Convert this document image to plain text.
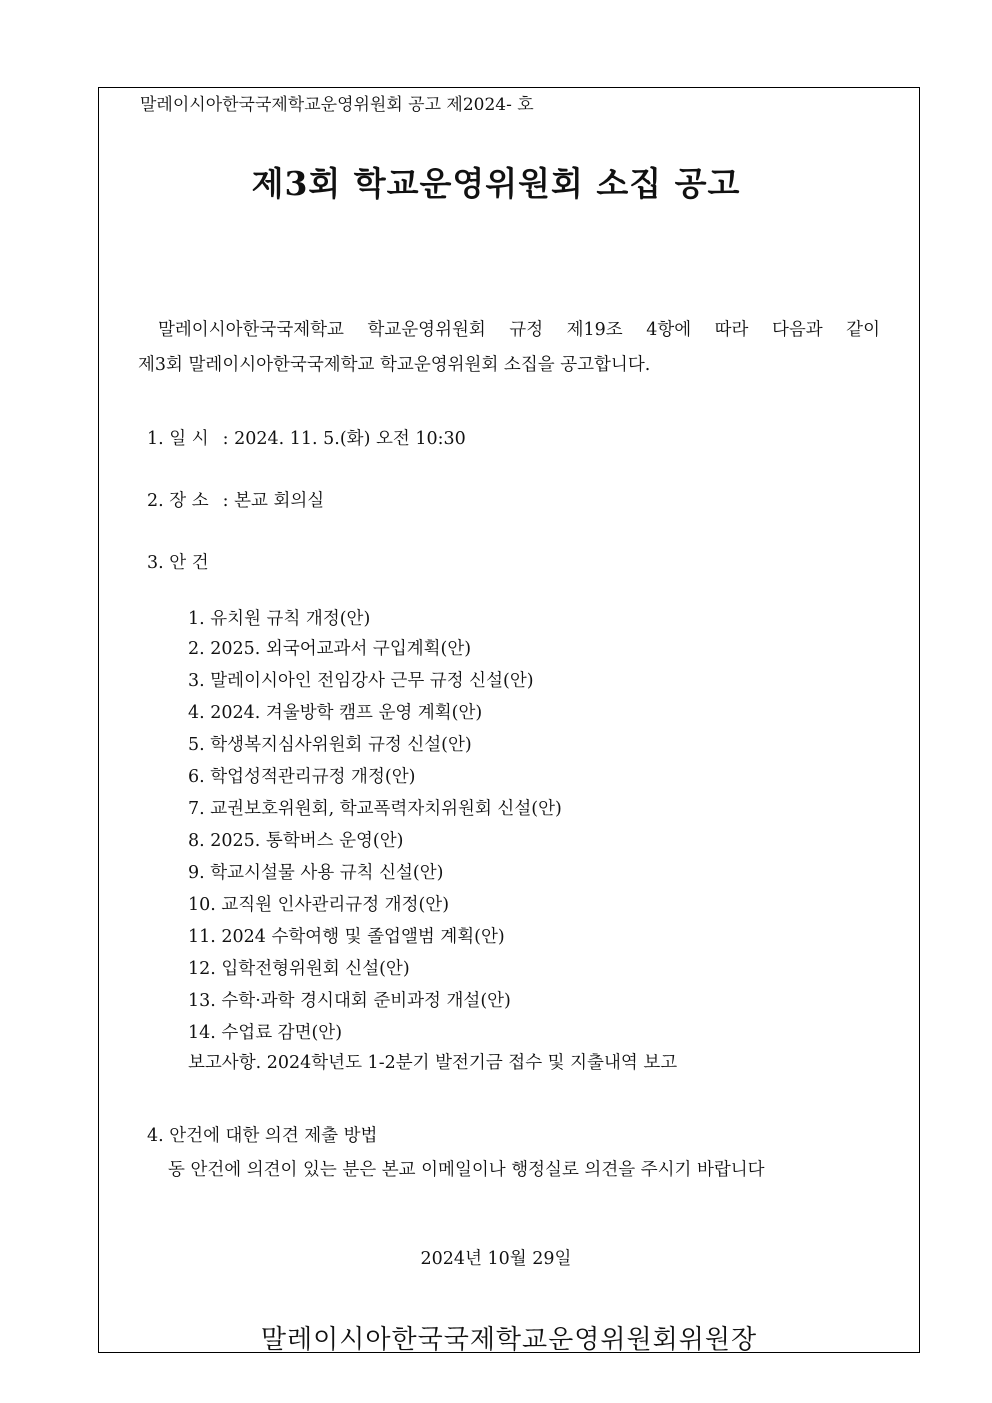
말레이시아한국국제학교운영위원회 공고 제2024- 호
제3회 학교운영위원회 소집 공고
말레이시아한국국제학교 학교운영위원회 규정 제19조 4항에 따라 다음과 같이
제3회 말레이시아한국국제학교 학교운영위원회 소집을 공고합니다.
1. 일 시 : 2024. 11. 5.(화) 오전 10:30
2. 장 소 : 본교 회의실
3. 안 건
1. 유치원 규칙 개정(안)
2. 2025. 외국어교과서 구입계획(안)
3. 말레이시아인 전임강사 근무 규정 신설(안)
4. 2024. 겨울방학 캠프 운영 계획(안)
5. 학생복지심사위원회 규정 신설(안)
6. 학업성적관리규정 개정(안)
7. 교권보호위원회, 학교폭력자치위원회 신설(안)
8. 2025. 통학버스 운영(안)
9. 학교시설물 사용 규칙 신설(안)
10. 교직원 인사관리규정 개정(안)
11. 2024 수학여행 및 졸업앨범 계획(안)
12. 입학전형위원회 신설(안)
13. 수학·과학 경시대회 준비과정 개설(안)
14. 수업료 감면(안)
보고사항. 2024학년도 1-2분기 발전기금 접수 및 지출내역 보고
4. 안건에 대한 의견 제출 방법
동 안건에 의견이 있는 분은 본교 이메일이나 행정실로 의견을 주시기 바랍니다
2024년 10월 29일
말레이시아한국국제학교운영위원회위원장
